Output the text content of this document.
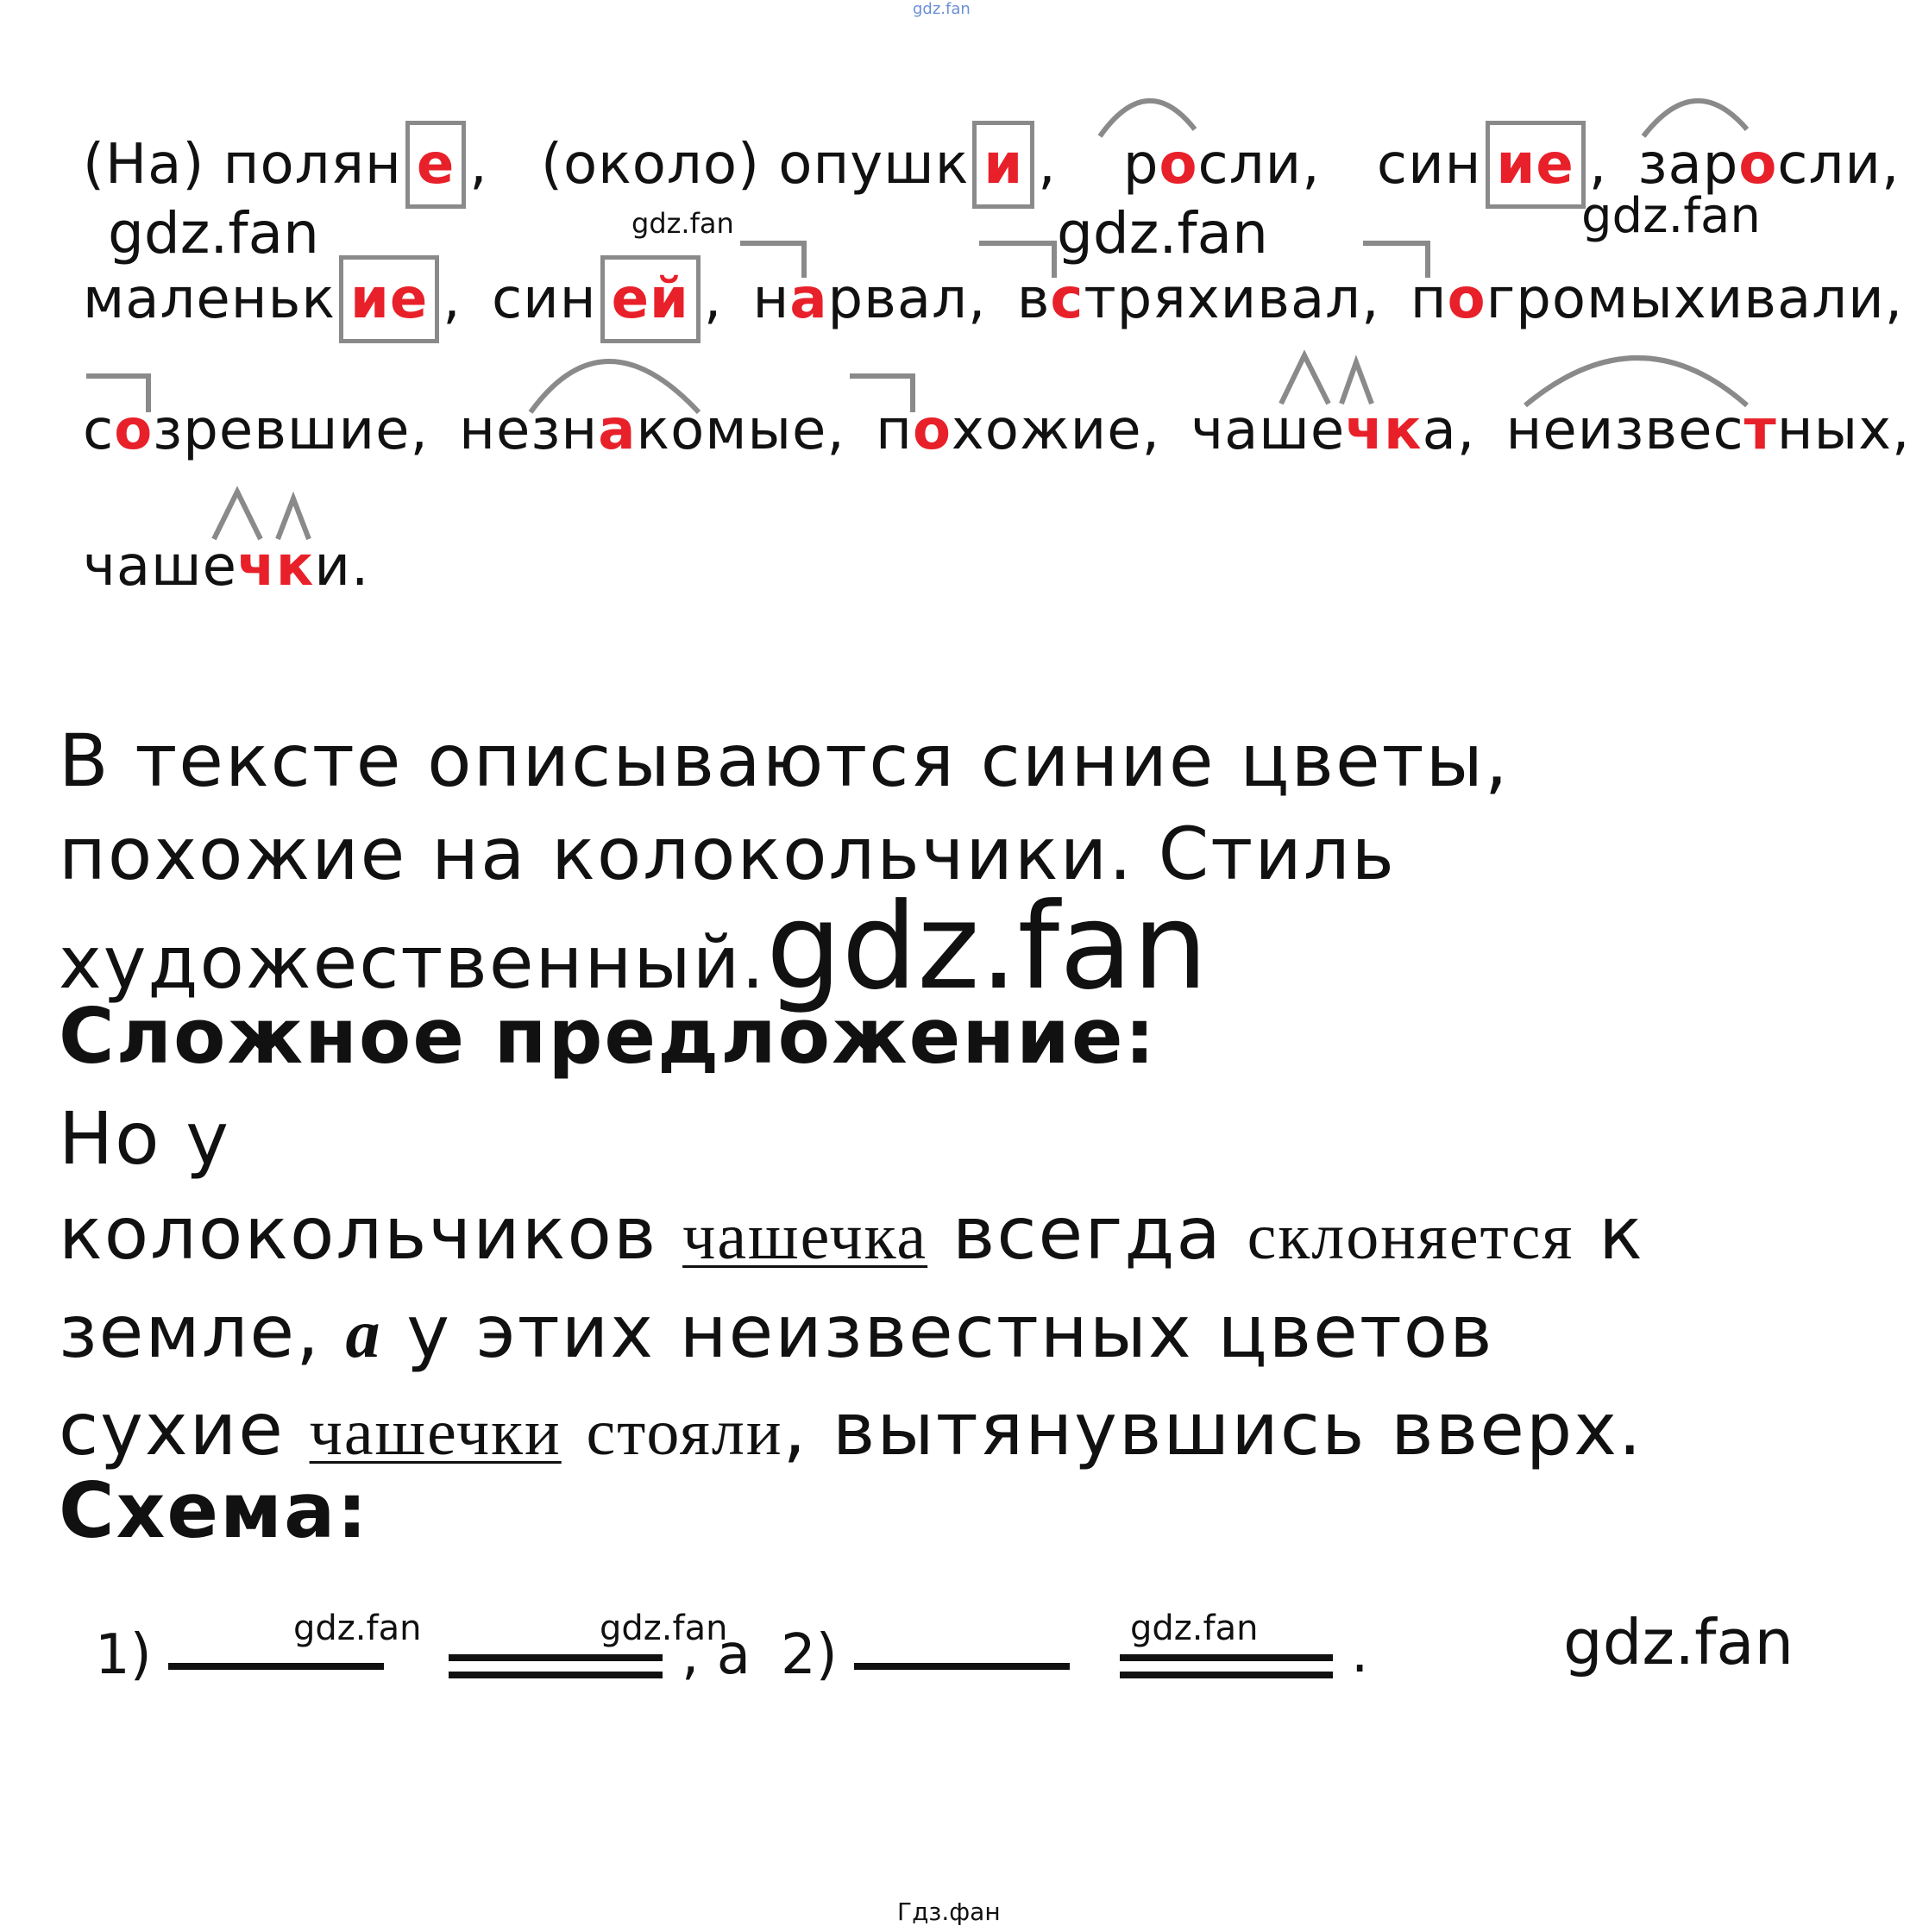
gdz.fan
(На) полян е , (около) опушк и , росли, син ие , заросли,
gdz.fan	gdz.fan	gdz.fan	gdz.fan
маленьк ие , син ей , нарвал, встряхивал, погромыхивали,
созревшие, незнакомые, похожие, чашечка, неизвестных,
чашечки.
В тексте описываются синие цветы,
похожие на колокольчики. Стиль
художественный.gdz.fan
Сложное предложение:
Но у
колокольчиков чашечка всегда склоняется к
земле, а у этих неизвестных цветов
сухие чашечки стояли, вытянувшись вверх.
Схема:
1)	, а 2)	.
gdz.fan	gdz.fan	gdz.fan	gdz.fan
Гдз.фан
